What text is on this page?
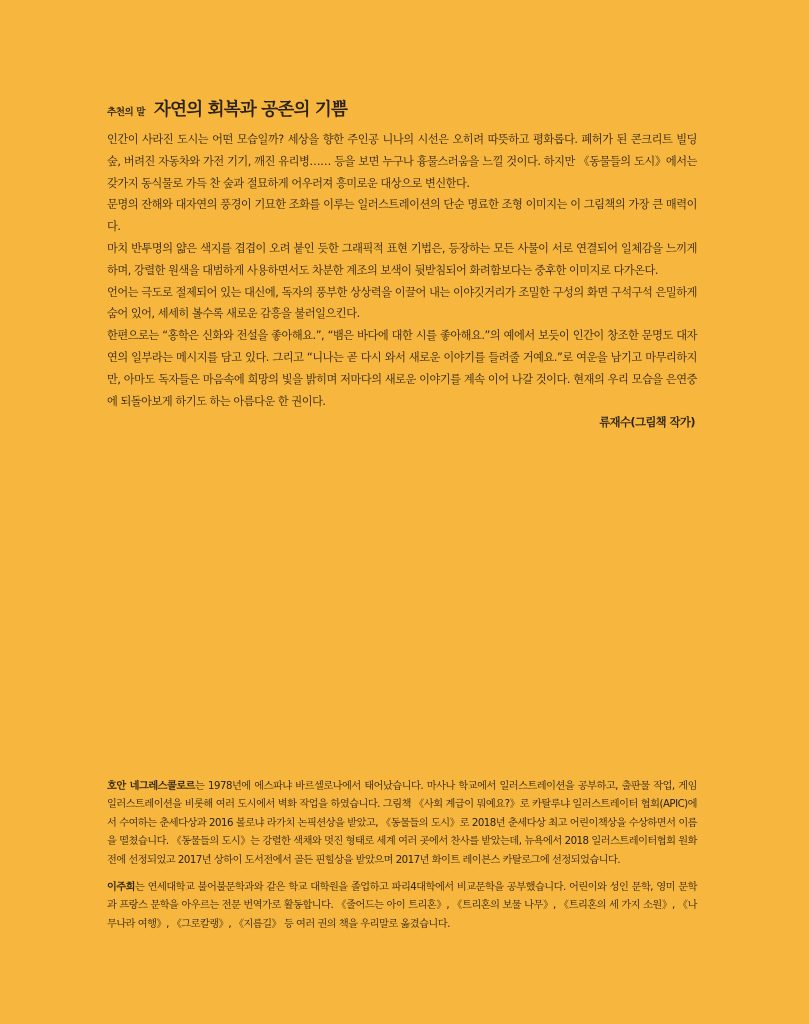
추천의 말 자연의 회복과 공존의 기쁨

인간이 사라진 도시는 어떤 모습일까? 세상을 향한 주인공 니나의 시선은 오히려 따뜻하고 평화롭다. 폐허가 된 콘크리트 빌딩 숲, 버려진 자동차와 가전 기기, 깨진 유리병…… 등을 보면 누구나 흉물스러움을 느낄 것이다. 하지만 《동물들의 도시》에서는 갖가지 동식물로 가득 찬 숲과 절묘하게 어우러져 흥미로운 대상으로 변신한다.

문명의 잔해와 대자연의 풍경이 기묘한 조화를 이루는 일러스트레이션의 단순 명료한 조형 이미지는 이 그림책의 가장 큰 매력이다.

마치 반투명의 얇은 색지를 겹겹이 오려 붙인 듯한 그래픽적 표현 기법은, 등장하는 모든 사물이 서로 연결되어 일체감을 느끼게 하며, 강렬한 원색을 대범하게 사용하면서도 차분한 계조의 보색이 뒷받침되어 화려함보다는 중후한 이미지로 다가온다.

언어는 극도로 절제되어 있는 대신에, 독자의 풍부한 상상력을 이끌어 내는 이야깃거리가 조밀한 구성의 화면 구석구석 은밀하게 숨어 있어, 세세히 볼수록 새로운 감흥을 불러일으킨다.

한편으로는 “홍학은 신화와 전설을 좋아해요.”, “뱀은 바다에 대한 시를 좋아해요.”의 예에서 보듯이 인간이 창조한 문명도 대자연의 일부라는 메시지를 담고 있다. 그리고 “니나는 곧 다시 와서 새로운 이야기를 들려줄 거예요.”로 여운을 남기고 마무리하지만, 아마도 독자들은 마음속에 희망의 빛을 밝히며 저마다의 새로운 이야기를 계속 이어 나갈 것이다. 현재의 우리 모습을 은연중에 되돌아보게 하기도 하는 아름다운 한 권이다.

류재수(그림책 작가)

호안 네그레스콜로르는 1978년에 에스파냐 바르셀로나에서 태어났습니다. 마사나 학교에서 일러스트레이션을 공부하고, 출판물 작업, 게임 일러스트레이션을 비롯해 여러 도시에서 벽화 작업을 하였습니다. 그림책 《사회 계급이 뭐예요?》로 카탈루냐 일러스트레이터 협회(APIC)에서 수여하는 춘세다상과 2016 볼로냐 라가치 논픽션상을 받았고, 《동물들의 도시》로 2018년 춘세다상 최고 어린이책상을 수상하면서 이름을 떨쳤습니다. 《동물들의 도시》는 강렬한 색채와 멋진 형태로 세계 여러 곳에서 찬사를 받았는데, 뉴욕에서 2018 일러스트레이터협회 원화전에 선정되었고 2017년 상하이 도서전에서 골든 핀힐상을 받았으며 2017년 화이트 레이븐스 카탈로그에 선정되었습니다.

이주희는 연세대학교 불어불문학과와 같은 학교 대학원을 졸업하고 파리4대학에서 비교문학을 공부했습니다. 어린이와 성인 문학, 영미 문학과 프랑스 문학을 아우르는 전문 번역가로 활동합니다. 《줄어드는 아이 트리혼》, 《트리혼의 보물 나무》, 《트리혼의 세 가지 소원》, 《나무나라 여행》, 《그로칼랭》, 《지름길》 등 여러 권의 책을 우리말로 옮겼습니다.
